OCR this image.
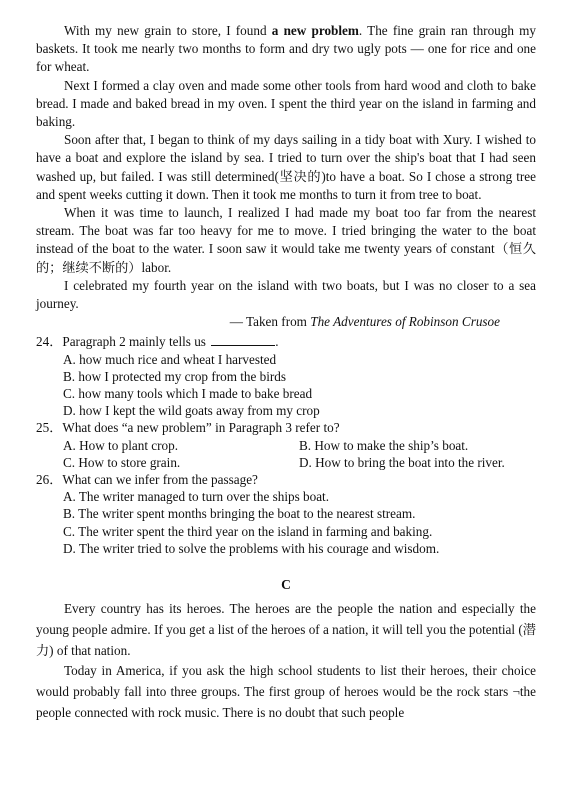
With my new grain to store, I found a new problem. The fine grain ran through my baskets. It took me nearly two months to form and dry two ugly pots — one for rice and one for wheat.

Next I formed a clay oven and made some other tools from hard wood and cloth to bake bread. I made and baked bread in my oven. I spent the third year on the island in farming and baking.

Soon after that, I began to think of my days sailing in a tidy boat with Xury. I wished to have a boat and explore the island by sea. I tried to turn over the ship's boat that I had seen washed up, but failed. I was still determined(坚决的)to have a boat. So I chose a strong tree and spent weeks cutting it down. Then it took me months to turn it from tree to boat.

When it was time to launch, I realized I had made my boat too far from the nearest stream. The boat was far too heavy for me to move. I tried bringing the water to the boat instead of the boat to the water. I soon saw it would take me twenty years of constant（恒久的；继续不断的）labor.

I celebrated my fourth year on the island with two boats, but I was no closer to a sea journey.

— Taken from The Adventures of Robinson Crusoe

24．Paragraph 2 mainly tells us	.

A. how much rice and wheat I harvested

B. how I protected my crop from the birds

C. how many tools which I made to bake bread

D. how I kept the wild goats away from my crop

25．What does “a new problem” in Paragraph 3 refer to?

A. How to plant crop.	B. How to make the ship’s boat.
C. How to store grain.	D. How to bring the boat into the river.

26．What can we infer from the passage?

A. The writer managed to turn over the ships boat.

B. The writer spent months bringing the boat to the nearest stream.

C. The writer spent the third year on the island in farming and baking.

D. The writer tried to solve the problems with his courage and wisdom.

C

Every country has its heroes. The heroes are the people the nation and especially the young people admire. If you get a list of the heroes of a nation, it will tell you the potential (潜力) of that nation.

Today in America, if you ask the high school students to list their heroes, their choice would probably fall into three groups. The first group of heroes would be the rock stars ¬the people connected with rock music. There is no doubt that such people
